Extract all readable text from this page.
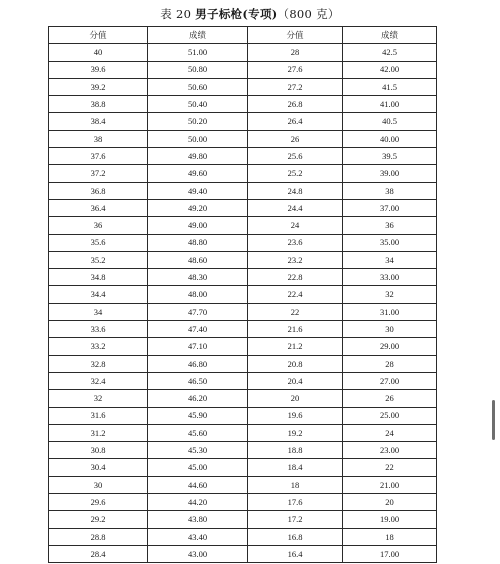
表 20 男子标枪(专项)（800 克）
分值	成绩	分值	成绩
40	51.00	28	42.5
39.6	50.80	27.6	42.00
39.2	50.60	27.2	41.5
38.8	50.40	26.8	41.00
38.4	50.20	26.4	40.5
38	50.00	26	40.00
37.6	49.80	25.6	39.5
37.2	49.60	25.2	39.00
36.8	49.40	24.8	38
36.4	49.20	24.4	37.00
36	49.00	24	36
35.6	48.80	23.6	35.00
35.2	48.60	23.2	34
34.8	48.30	22.8	33.00
34.4	48.00	22.4	32
34	47.70	22	31.00
33.6	47.40	21.6	30
33.2	47.10	21.2	29.00
32.8	46.80	20.8	28
32.4	46.50	20.4	27.00
32	46.20	20	26
31.6	45.90	19.6	25.00
31.2	45.60	19.2	24
30.8	45.30	18.8	23.00
30.4	45.00	18.4	22
30	44.60	18	21.00
29.6	44.20	17.6	20
29.2	43.80	17.2	19.00
28.8	43.40	16.8	18
28.4	43.00	16.4	17.00
